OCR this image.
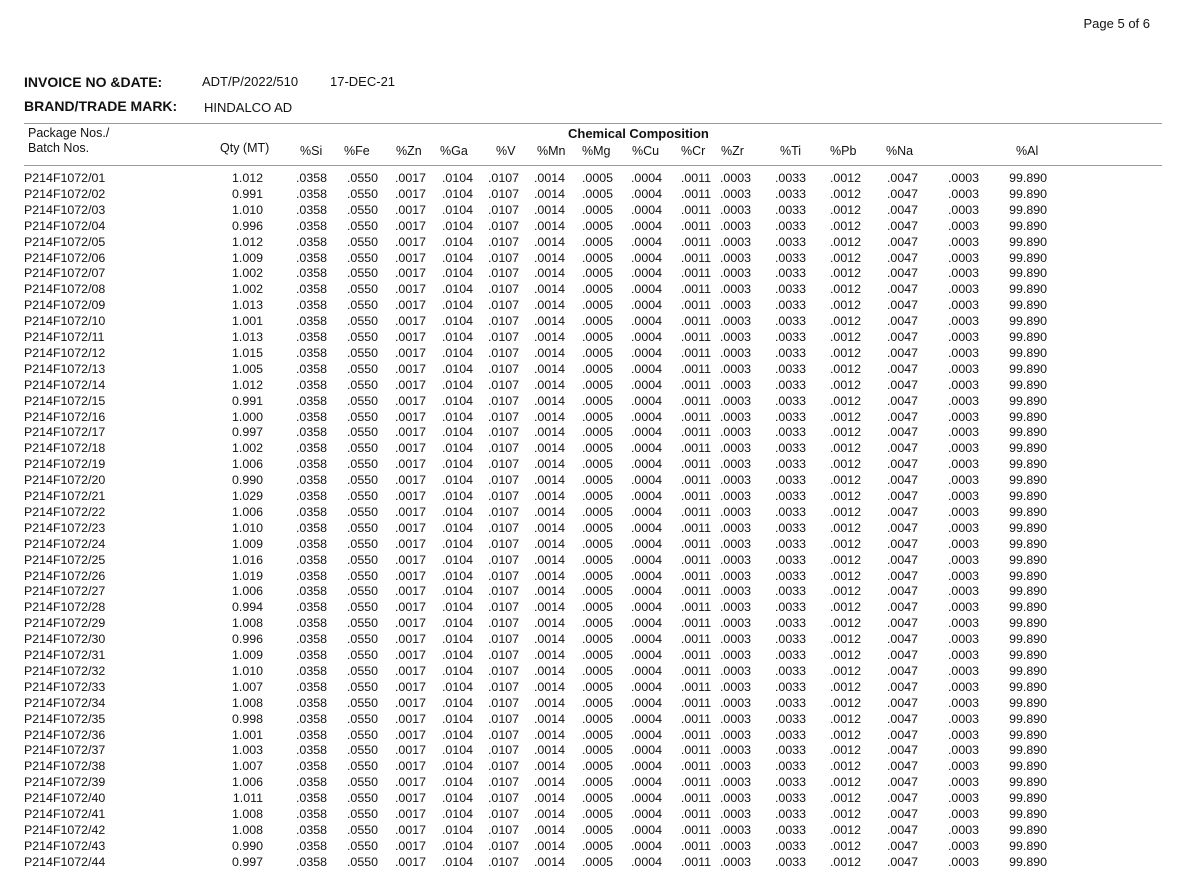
Page 5 of 6
INVOICE NO &DATE:	ADT/P/2022/510 17-DEC-21
BRAND/TRADE MARK: HINDALCO AD
Package Nos./
Batch Nos.	Qty (MT)
Chemical Composition
%Si %Fe %Zn %Ga %V %Mn %Mg %Cu %Cr %Zr	%Ti %Pb %Na	%Al
P214F1072/01	1.012	.0358 .0550 .0017 .0104 .0107 .0014 .0005 .0004 .0011 .0003 .0033 .0012 .0047 .0003 99.890
P214F1072/02	0.991	.0358 .0550 .0017 .0104 .0107 .0014 .0005 .0004 .0011 .0003 .0033 .0012 .0047 .0003 99.890
P214F1072/03	1.010	.0358 .0550 .0017 .0104 .0107 .0014 .0005 .0004 .0011 .0003 .0033 .0012 .0047 .0003 99.890
P214F1072/04	0.996	.0358 .0550 .0017 .0104 .0107 .0014 .0005 .0004 .0011 .0003 .0033 .0012 .0047 .0003 99.890
P214F1072/05	1.012	.0358 .0550 .0017 .0104 .0107 .0014 .0005 .0004 .0011 .0003 .0033 .0012 .0047 .0003 99.890
P214F1072/06	1.009	.0358 .0550 .0017 .0104 .0107 .0014 .0005 .0004 .0011 .0003 .0033 .0012 .0047 .0003 99.890
P214F1072/07	1.002	.0358 .0550 .0017 .0104 .0107 .0014 .0005 .0004 .0011 .0003 .0033 .0012 .0047 .0003 99.890
P214F1072/08	1.002	.0358 .0550 .0017 .0104 .0107 .0014 .0005 .0004 .0011 .0003 .0033 .0012 .0047 .0003 99.890
P214F1072/09	1.013	.0358 .0550 .0017 .0104 .0107 .0014 .0005 .0004 .0011 .0003 .0033 .0012 .0047 .0003 99.890
P214F1072/10	1.001	.0358 .0550 .0017 .0104 .0107 .0014 .0005 .0004 .0011 .0003 .0033 .0012 .0047 .0003 99.890
P214F1072/11	1.013	.0358 .0550 .0017 .0104 .0107 .0014 .0005 .0004 .0011 .0003 .0033 .0012 .0047 .0003 99.890
P214F1072/12	1.015	.0358 .0550 .0017 .0104 .0107 .0014 .0005 .0004 .0011 .0003 .0033 .0012 .0047 .0003 99.890
P214F1072/13	1.005	.0358 .0550 .0017 .0104 .0107 .0014 .0005 .0004 .0011 .0003 .0033 .0012 .0047 .0003 99.890
P214F1072/14	1.012	.0358 .0550 .0017 .0104 .0107 .0014 .0005 .0004 .0011 .0003 .0033 .0012 .0047 .0003 99.890
P214F1072/15	0.991	.0358 .0550 .0017 .0104 .0107 .0014 .0005 .0004 .0011 .0003 .0033 .0012 .0047 .0003 99.890
P214F1072/16	1.000	.0358 .0550 .0017 .0104 .0107 .0014 .0005 .0004 .0011 .0003 .0033 .0012 .0047 .0003 99.890
P214F1072/17	0.997	.0358 .0550 .0017 .0104 .0107 .0014 .0005 .0004 .0011 .0003 .0033 .0012 .0047 .0003 99.890
P214F1072/18	1.002	.0358 .0550 .0017 .0104 .0107 .0014 .0005 .0004 .0011 .0003 .0033 .0012 .0047 .0003 99.890
P214F1072/19	1.006	.0358 .0550 .0017 .0104 .0107 .0014 .0005 .0004 .0011 .0003 .0033 .0012 .0047 .0003 99.890
P214F1072/20	0.990	.0358 .0550 .0017 .0104 .0107 .0014 .0005 .0004 .0011 .0003 .0033 .0012 .0047 .0003 99.890
P214F1072/21	1.029	.0358 .0550 .0017 .0104 .0107 .0014 .0005 .0004 .0011 .0003 .0033 .0012 .0047 .0003 99.890
P214F1072/22	1.006	.0358 .0550 .0017 .0104 .0107 .0014 .0005 .0004 .0011 .0003 .0033 .0012 .0047 .0003 99.890
P214F1072/23	1.010	.0358 .0550 .0017 .0104 .0107 .0014 .0005 .0004 .0011 .0003 .0033 .0012 .0047 .0003 99.890
P214F1072/24	1.009	.0358 .0550 .0017 .0104 .0107 .0014 .0005 .0004 .0011 .0003 .0033 .0012 .0047 .0003 99.890
P214F1072/25	1.016	.0358 .0550 .0017 .0104 .0107 .0014 .0005 .0004 .0011 .0003 .0033 .0012 .0047 .0003 99.890
P214F1072/26	1.019	.0358 .0550 .0017 .0104 .0107 .0014 .0005 .0004 .0011 .0003 .0033 .0012 .0047 .0003 99.890
P214F1072/27	1.006	.0358 .0550 .0017 .0104 .0107 .0014 .0005 .0004 .0011 .0003 .0033 .0012 .0047 .0003 99.890
P214F1072/28	0.994	.0358 .0550 .0017 .0104 .0107 .0014 .0005 .0004 .0011 .0003 .0033 .0012 .0047 .0003 99.890
P214F1072/29	1.008	.0358 .0550 .0017 .0104 .0107 .0014 .0005 .0004 .0011 .0003 .0033 .0012 .0047 .0003 99.890
P214F1072/30	0.996	.0358 .0550 .0017 .0104 .0107 .0014 .0005 .0004 .0011 .0003 .0033 .0012 .0047 .0003 99.890
P214F1072/31	1.009	.0358 .0550 .0017 .0104 .0107 .0014 .0005 .0004 .0011 .0003 .0033 .0012 .0047 .0003 99.890
P214F1072/32	1.010	.0358 .0550 .0017 .0104 .0107 .0014 .0005 .0004 .0011 .0003 .0033 .0012 .0047 .0003 99.890
P214F1072/33	1.007	.0358 .0550 .0017 .0104 .0107 .0014 .0005 .0004 .0011 .0003 .0033 .0012 .0047 .0003 99.890
P214F1072/34	1.008	.0358 .0550 .0017 .0104 .0107 .0014 .0005 .0004 .0011 .0003 .0033 .0012 .0047 .0003 99.890
P214F1072/35	0.998	.0358 .0550 .0017 .0104 .0107 .0014 .0005 .0004 .0011 .0003 .0033 .0012 .0047 .0003 99.890
P214F1072/36	1.001	.0358 .0550 .0017 .0104 .0107 .0014 .0005 .0004 .0011 .0003 .0033 .0012 .0047 .0003 99.890
P214F1072/37	1.003	.0358 .0550 .0017 .0104 .0107 .0014 .0005 .0004 .0011 .0003 .0033 .0012 .0047 .0003 99.890
P214F1072/38	1.007	.0358 .0550 .0017 .0104 .0107 .0014 .0005 .0004 .0011 .0003 .0033 .0012 .0047 .0003 99.890
P214F1072/39	1.006	.0358 .0550 .0017 .0104 .0107 .0014 .0005 .0004 .0011 .0003 .0033 .0012 .0047 .0003 99.890
P214F1072/40	1.011	.0358 .0550 .0017 .0104 .0107 .0014 .0005 .0004 .0011 .0003 .0033 .0012 .0047 .0003 99.890
P214F1072/41	1.008	.0358 .0550 .0017 .0104 .0107 .0014 .0005 .0004 .0011 .0003 .0033 .0012 .0047 .0003 99.890
P214F1072/42	1.008	.0358 .0550 .0017 .0104 .0107 .0014 .0005 .0004 .0011 .0003 .0033 .0012 .0047 .0003 99.890
P214F1072/43	0.990	.0358 .0550 .0017 .0104 .0107 .0014 .0005 .0004 .0011 .0003 .0033 .0012 .0047 .0003 99.890
P214F1072/44	0.997	.0358 .0550 .0017 .0104 .0107 .0014 .0005 .0004 .0011 .0003 .0033 .0012 .0047 .0003 99.890
